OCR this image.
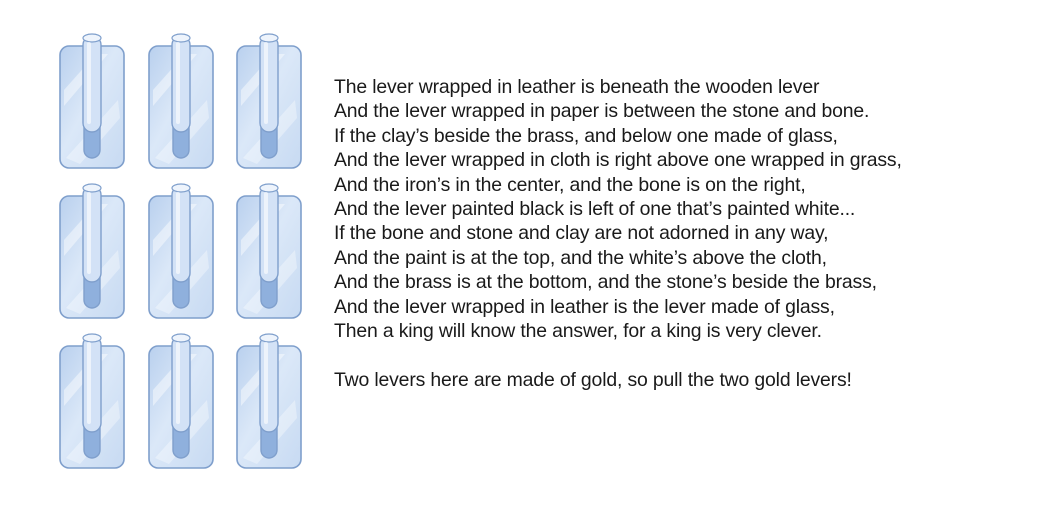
The lever wrapped in leather is beneath the wooden lever
And the lever wrapped in paper is between the stone and bone.
If the clay’s beside the brass, and below one made of glass,
And the lever wrapped in cloth is right above one wrapped in grass,
And the iron’s in the center, and the bone is on the right,
And the lever painted black is left of one that’s painted white...
If the bone and stone and clay are not adorned in any way,
And the paint is at the top, and the white’s above the cloth,
And the brass is at the bottom, and the stone’s beside the brass,
And the lever wrapped in leather is the lever made of glass,
Then a king will know the answer, for a king is very clever.
Two levers here are made of gold, so pull the two gold levers!
